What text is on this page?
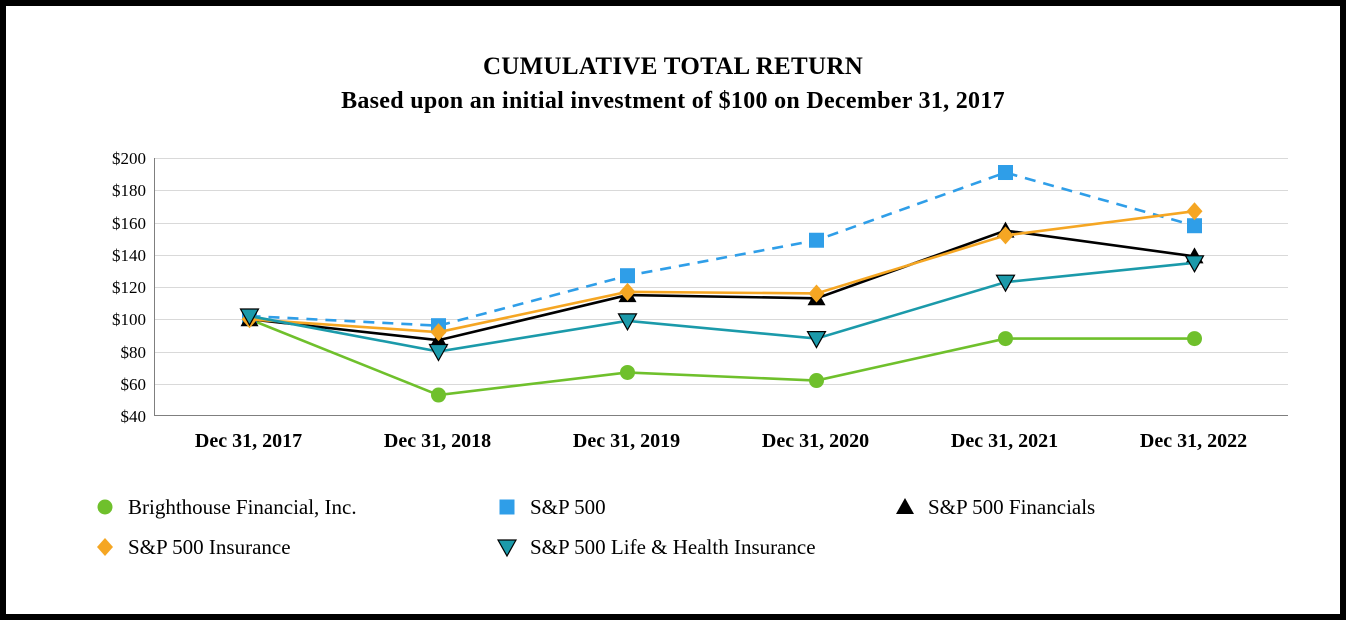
CUMULATIVE TOTAL RETURN
Based upon an initial investment of $100 on December 31, 2017
$200
$180
$160
$140
$120
$100
$80
$60
$40
Dec 31, 2017	Dec 31, 2018	Dec 31, 2019	Dec 31, 2020	Dec 31, 2021	Dec 31, 2022
Brighthouse Financial, Inc.	S&P 500	S&P 500 Financials
S&P 500 Insurance	S&P 500 Life & Health Insurance
